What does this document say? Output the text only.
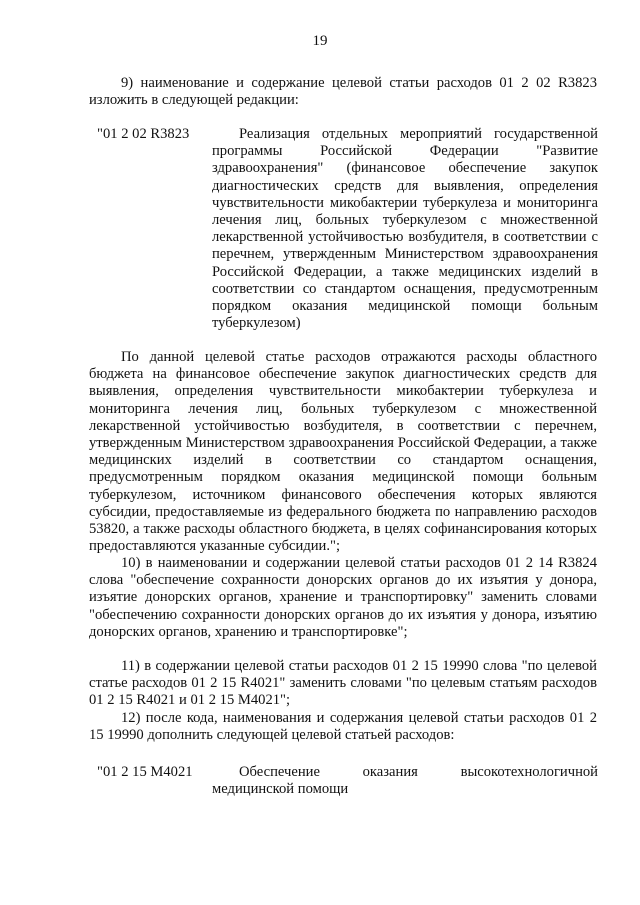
19

9) наименование и содержание целевой статьи расходов 01 2 02 R3823 изложить в следующей редакции:

"01 2 02 R3823	Реализация отдельных мероприятий государственной программы Российской Федерации "Развитие здравоохранения" (финансовое обеспечение закупок диагностических средств для выявления, определения чувствительности микобактерии туберкулеза и мониторинга лечения лиц, больных туберкулезом с множественной лекарственной устойчивостью возбудителя, в соответствии с перечнем, утвержденным Министерством здравоохранения Российской Федерации, а также медицинских изделий в соответствии со стандартом оснащения, предусмотренным порядком оказания медицинской помощи больным туберкулезом)

По данной целевой статье расходов отражаются расходы областного бюджета на финансовое обеспечение закупок диагностических средств для выявления, определения чувствительности микобактерии туберкулеза и мониторинга лечения лиц, больных туберкулезом с множественной лекарственной устойчивостью возбудителя, в соответствии с перечнем, утвержденным Министерством здравоохранения Российской Федерации, а также медицинских изделий в соответствии со стандартом оснащения, предусмотренным порядком оказания медицинской помощи больным туберкулезом, источником финансового обеспечения которых являются субсидии, предоставляемые из федерального бюджета по направлению расходов 53820, а также расходы областного бюджета, в целях софинансирования которых предоставляются указанные субсидии.";

10) в наименовании и содержании целевой статьи расходов 01 2 14 R3824 слова "обеспечение сохранности донорских органов до их изъятия у донора, изъятие донорских органов, хранение и транспортировку" заменить словами "обеспечению сохранности донорских органов до их изъятия у донора, изъятию донорских органов, хранению и транспортировке";

11) в содержании целевой статьи расходов 01 2 15 19990 слова "по целевой статье расходов 01 2 15 R4021" заменить словами "по целевым статьям расходов 01 2 15 R4021 и 01 2 15 M4021";

12) после кода, наименования и содержания целевой статьи расходов 01 2 15 19990 дополнить следующей целевой статьей расходов:

"01 2 15 M4021	Обеспечение оказания высокотехнологичной медицинской помощи
